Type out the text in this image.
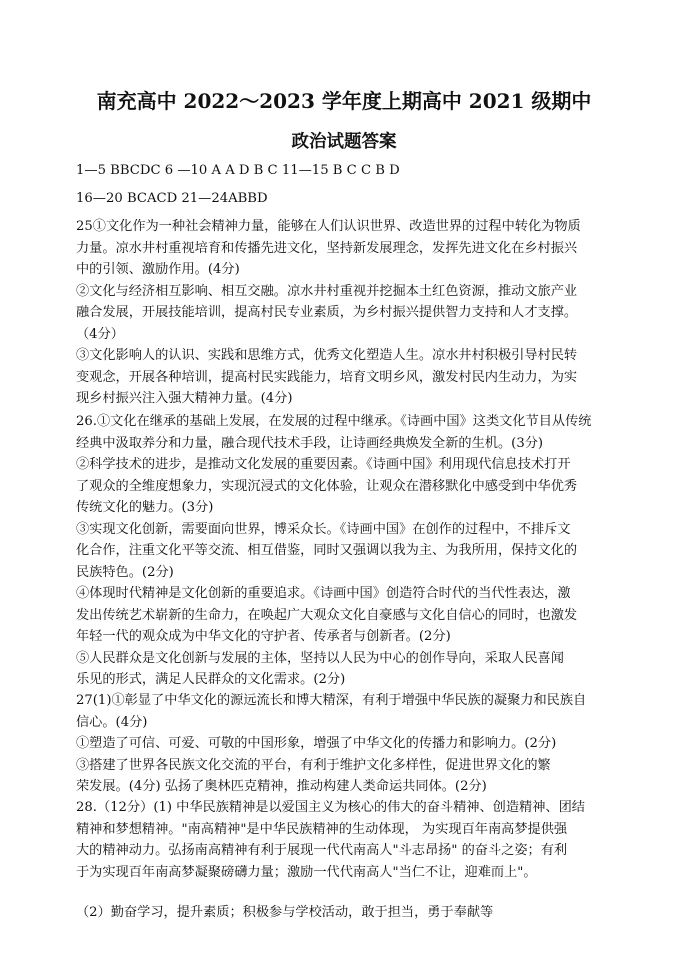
南充高中 2022～2023 学年度上期高中 2021 级期中
政治试题答案
1—5 BBCDC 6 —10 A A D B C 11—15 B C C B D
16—20 BCACD 21—24ABBD
25①文化作为一种社会精神力量，能够在人们认识世界、改造世界的过程中转化为物质
力量。凉水井村重视培育和传播先进文化，坚持新发展理念，发挥先进文化在乡村振兴
中的引领、激励作用。(4分)
②文化与经济相互影响、相互交融。凉水井村重视并挖掘本土红色资源，推动文旅产业
融合发展，开展技能培训，提高村民专业素质，为乡村振兴提供智力支持和人才支撑。
（4分）
③文化影响人的认识、实践和思维方式，优秀文化塑造人生。凉水井村积极引导村民转
变观念，开展各种培训，提高村民实践能力，培育文明乡风，激发村民内生动力，为实
现乡村振兴注入强大精神力量。(4分)
26.①文化在继承的基础上发展，在发展的过程中继承。《诗画中国》这类文化节目从传统
经典中汲取养分和力量，融合现代技术手段，让诗画经典焕发全新的生机。(3分)
②科学技术的进步，是推动文化发展的重要因素。《诗画中国》利用现代信息技术打开
了观众的全维度想象力，实现沉浸式的文化体验，让观众在潜移默化中感受到中华优秀
传统文化的魅力。(3分)
③实现文化创新，需要面向世界，博采众长。《诗画中国》在创作的过程中，不排斥文
化合作，注重文化平等交流、相互借鉴，同时又强调以我为主、为我所用，保持文化的
民族特色。(2分)
④体现时代精神是文化创新的重要追求。《诗画中国》创造符合时代的当代性表达，激
发出传统艺术崭新的生命力，在唤起广大观众文化自豪感与文化自信心的同时，也激发
年轻一代的观众成为中华文化的守护者、传承者与创新者。(2分)
⑤人民群众是文化创新与发展的主体，坚持以人民为中心的创作导向，采取人民喜闻
乐见的形式，满足人民群众的文化需求。(2分)
27(1)①彰显了中华文化的源远流长和博大精深，有利于增强中华民族的凝聚力和民族自
信心。(4分)
①塑造了可信、可爱、可敬的中国形象，增强了中华文化的传播力和影响力。(2分)
③搭建了世界各民族文化交流的平台，有利于维护文化多样性，促进世界文化的繁
荣发展。(4分) 弘扬了奥林匹克精神，推动构建人类命运共同体。(2分)
28.（12分）(1) 中华民族精神是以爱国主义为核心的伟大的奋斗精神、创造精神、团结
精神和梦想精神。"南高精神"是中华民族精神的生动体现， 为实现百年南高梦提供强
大的精神动力。弘扬南高精神有利于展现一代代南高人"斗志昂扬" 的奋斗之姿；有利
于为实现百年南高梦凝聚磅礴力量；激励一代代南高人"当仁不让，迎难而上"。
（2）勤奋学习，提升素质；积极参与学校活动，敢于担当，勇于奉献等
